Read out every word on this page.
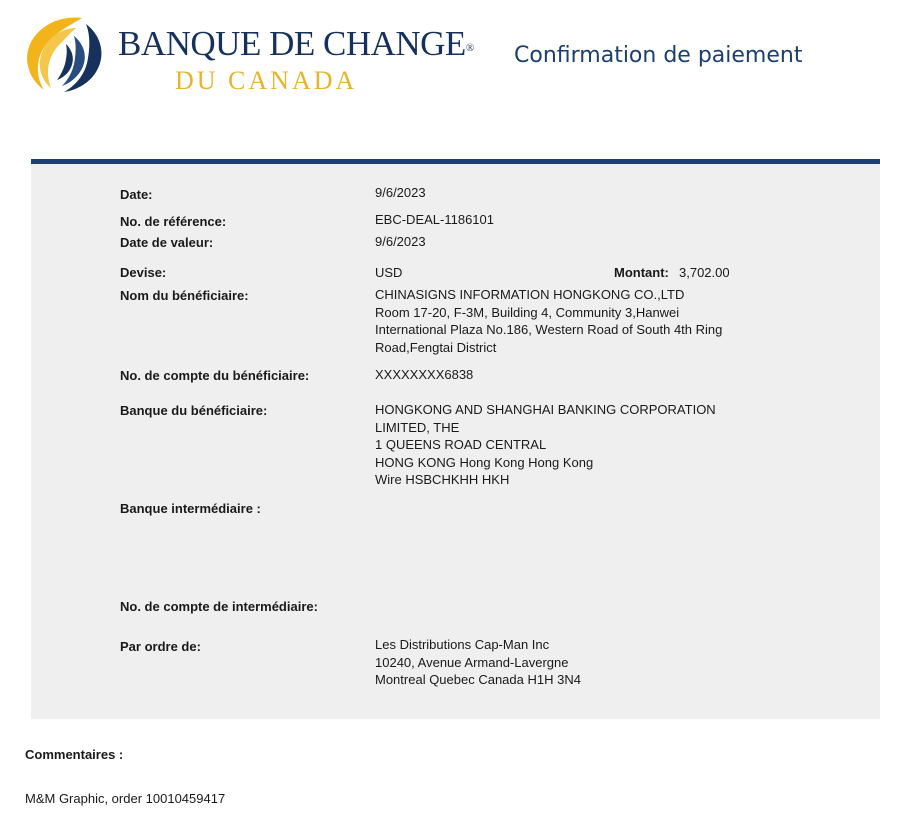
BANQUE DE CHANGE®

DU CANADA

Confirmation de paiement

Date:	9/6/2023

No. de référence:	EBC-DEAL-1186101

Date de valeur:	9/6/2023

Devise:	USD	Montant: 3,702.00

Nom du bénéficiaire:	CHINASIGNS INFORMATION HONGKONG CO.,LTD

Room 17-20, F-3M, Building 4, Community 3,Hanwei

International Plaza No.186, Western Road of South 4th Ring

Road,Fengtai District

No. de compte du bénéficiaire:	XXXXXXXX6838

Banque du bénéficiaire:	HONGKONG AND SHANGHAI BANKING CORPORATION

LIMITED, THE

1 QUEENS ROAD CENTRAL

HONG KONG Hong Kong Hong Kong

Wire HSBCHKHH HKH

Banque intermédiaire :

No. de compte de intermédiaire:

Par ordre de:	Les Distributions Cap-Man Inc

10240, Avenue Armand-Lavergne

Montreal Quebec Canada H1H 3N4

Commentaires :

M&M Graphic, order 10010459417
